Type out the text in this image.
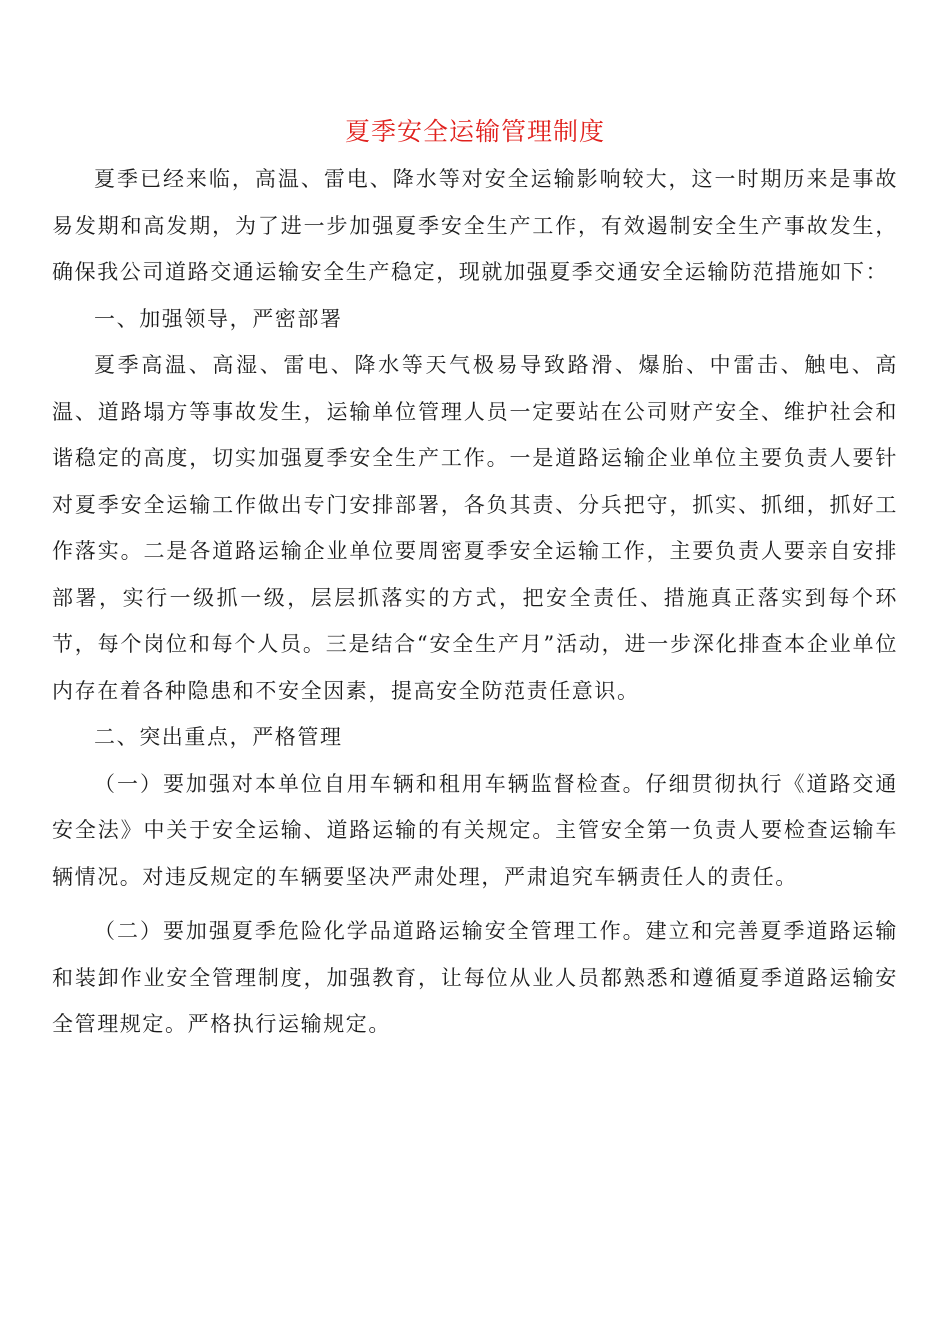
夏季安全运输管理制度

夏季已经来临，高温、雷电、降水等对安全运输影响较大，这一时期历来是事故易发期和高发期，为了进一步加强夏季安全生产工作，有效遏制安全生产事故发生，确保我公司道路交通运输安全生产稳定，现就加强夏季交通安全运输防范措施如下：

一、加强领导，严密部署

夏季高温、高湿、雷电、降水等天气极易导致路滑、爆胎、中雷击、触电、高温、道路塌方等事故发生，运输单位管理人员一定要站在公司财产安全、维护社会和谐稳定的高度，切实加强夏季安全生产工作。一是道路运输企业单位主要负责人要针对夏季安全运输工作做出专门安排部署，各负其责、分兵把守，抓实、抓细，抓好工作落实。二是各道路运输企业单位要周密夏季安全运输工作，主要负责人要亲自安排部署，实行一级抓一级，层层抓落实的方式，把安全责任、措施真正落实到每个环节，每个岗位和每个人员。三是结合“安全生产月”活动，进一步深化排查本企业单位内存在着各种隐患和不安全因素，提高安全防范责任意识。

二、突出重点，严格管理

（一）要加强对本单位自用车辆和租用车辆监督检查。仔细贯彻执行《道路交通安全法》中关于安全运输、道路运输的有关规定。主管安全第一负责人要检查运输车辆情况。对违反规定的车辆要坚决严肃处理，严肃追究车辆责任人的责任。

（二）要加强夏季危险化学品道路运输安全管理工作。建立和完善夏季道路运输和装卸作业安全管理制度，加强教育，让每位从业人员都熟悉和遵循夏季道路运输安全管理规定。严格执行运输规定。
